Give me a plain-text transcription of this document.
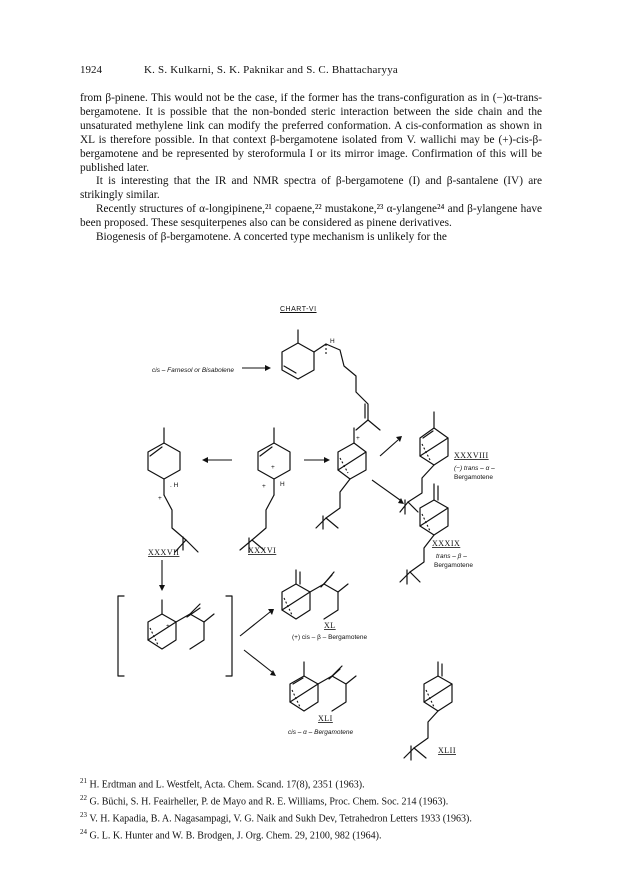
1924	K. S. Kulkarni, S. K. Paknikar and S. C. Bhattacharyya

from β-pinene. This would not be the case, if the former has the trans-configuration as in (−)α-trans-bergamotene. It is possible that the non-bonded steric interaction between the side chain and the unsaturated methylene link can modify the preferred conformation. A cis-conformation as shown in XL is therefore possible. In that context β-bergamotene isolated from V. wallichi may be (+)-cis-β-bergamotene and be represented by steroformula I or its mirror image. Confirmation of this will be published later.

It is interesting that the IR and NMR spectra of β-bergamotene (I) and β-santalene (IV) are strikingly similar.

Recently structures of α-longipinene,²¹ copaene,²² mustakone,²³ α-ylangene²⁴ and β-ylangene have been proposed. These sesquiterpenes also can be considered as pinene derivatives.

Biogenesis of β-bergamotene. A concerted type mechanism is unlikely for the

CHART-VI
cis – Farnesol or Bisabolene
H
. H
+
XXXVII
+
H
+
XXXVI
+
XXXVIII
(−) trans – α –
Bergamotene
XXXIX
trans – β –
Bergamotene
+	XL
(+) cis – β – Bergamotene
XLI
cis – α – Bergamotene
XLII
$^{21}$ H. Erdtman and L. Westfelt, Acta. Chem. Scand. 17(8), 2351 (1963).
$^{22}$ G. Büchi, S. H. Feairheller, P. de Mayo and R. E. Williams, Proc. Chem. Soc. 214 (1963).
$^{23}$ V. H. Kapadia, B. A. Nagasampagi, V. G. Naik and Sukh Dev, Tetrahedron Letters 1933 (1963).
$^{24}$ G. L. K. Hunter and W. B. Brodgen, J. Org. Chem. 29, 2100, 982 (1964).
